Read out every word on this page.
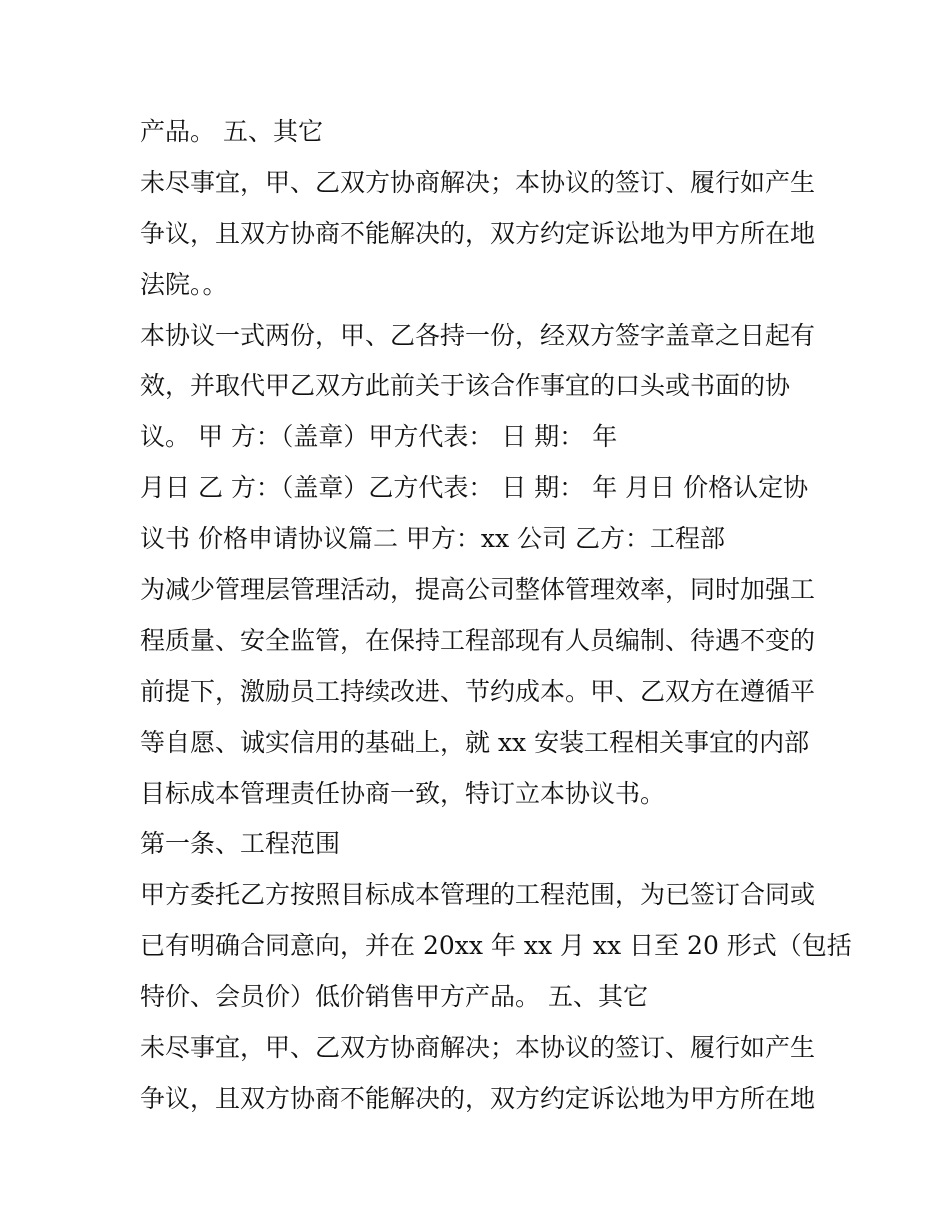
产品。 五、其它
未尽事宜，甲、乙双方协商解决；本协议的签订、履行如产生
争议，且双方协商不能解决的，双方约定诉讼地为甲方所在地
法院。。
本协议一式两份，甲、乙各持一份，经双方签字盖章之日起有
效，并取代甲乙双方此前关于该合作事宜的口头或书面的协
议。 甲 方：（盖章）甲方代表： 日 期： 年
月日 乙 方：（盖章）乙方代表： 日 期： 年 月日 价格认定协
议书 价格申请协议篇二 甲方：xx 公司 乙方：工程部
为减少管理层管理活动，提高公司整体管理效率，同时加强工
程质量、安全监管，在保持工程部现有人员编制、待遇不变的
前提下，激励员工持续改进、节约成本。甲、乙双方在遵循平
等自愿、诚实信用的基础上，就 xx 安装工程相关事宜的内部
目标成本管理责任协商一致，特订立本协议书。
第一条、工程范围
甲方委托乙方按照目标成本管理的工程范围，为已签订合同或
已有明确合同意向，并在 20xx 年 xx 月 xx 日至 20 形式（包括
特价、会员价）低价销售甲方产品。 五、其它
未尽事宜，甲、乙双方协商解决；本协议的签订、履行如产生
争议，且双方协商不能解决的，双方约定诉讼地为甲方所在地
